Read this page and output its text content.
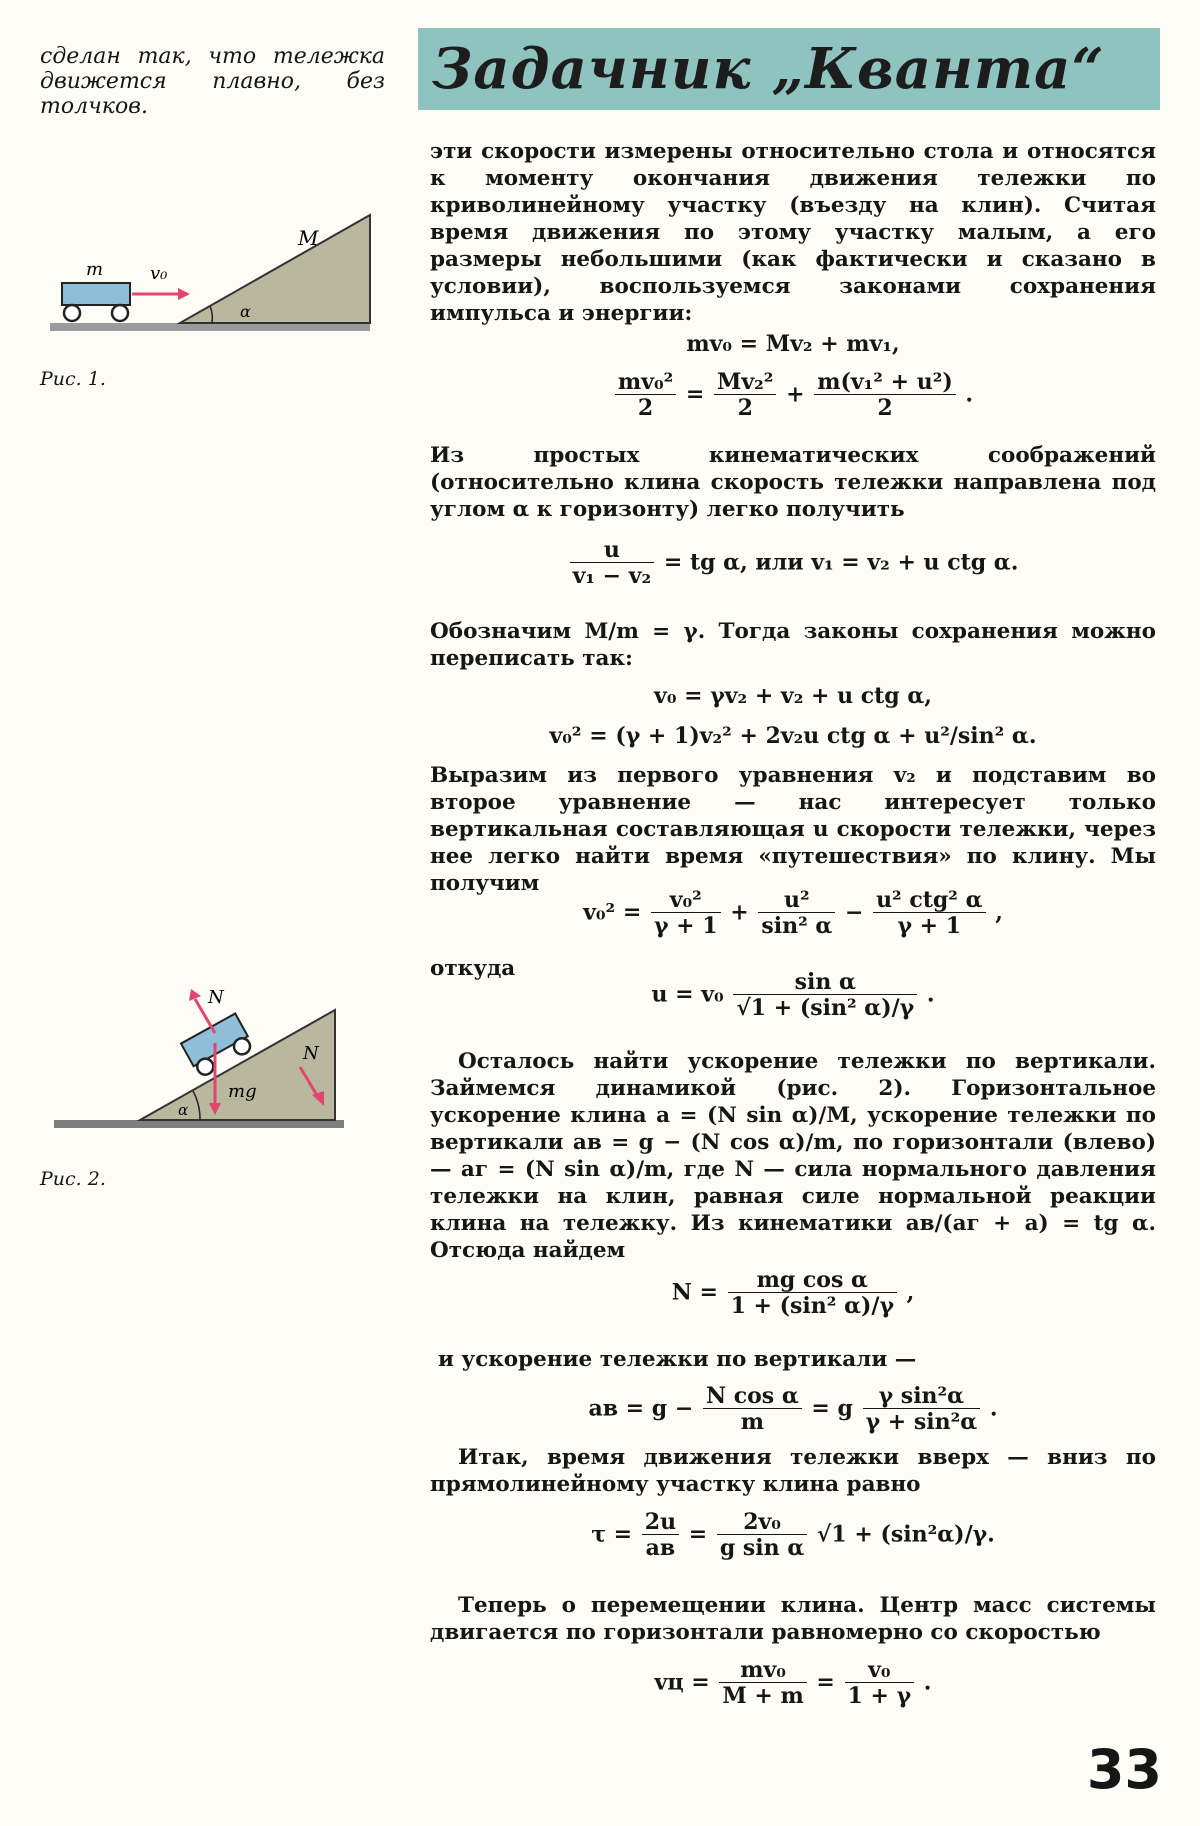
сделан так, что тележка движется плавно, без толчков.
α
M
m	v₀
Рис. 1.
α
N
mg
N
Рис. 2.
Задачник „Кванта“

эти скорости измерены относительно стола и относятся к моменту окончания движения тележки по криволинейному участку (въезду на клин). Считая время движения по этому участку малым, а его размеры небольшими (как фактически и сказано в условии), воспользуемся законами сохранения импульса и энергии:

mv₀ = Mv₂ + mv₁,
$\frac{\text{mv₀²}}{2} = \frac{\text{Mv₂²}}{2} + \frac{\text{m(v₁² + u²)}}{2}$ .

Из простых кинематических соображений (относительно клина скорость тележки направлена под углом α к горизонту) легко получить

$\frac{u}{\text{v₁ − v₂}}$ = tg α, или v₁ = v₂ + u ctg α.

Обозначим M/m = γ. Тогда законы сохранения можно переписать так:

v₀ = γv₂ + v₂ + u ctg α,
v₀² = (γ + 1)v₂² + 2v₂u ctg α + u²/sin² α.

Выразим из первого уравнения v₂ и подставим во второе уравнение — нас интересует только вертикальная составляющая u скорости тележки, через нее легко найти время «путешествия» по клину. Мы получим

$v_0^2 = \frac{\text{v₀²}}{\gamma + 1} + \frac{\text{u²}}{\text{sin² α}} - \frac{\text{u² ctg² α}}{\gamma + 1}$ ,

откуда

$u = v_0 \frac{\text{sin α}}{\text{√1 + (sin² α)/γ}}$ .

Осталось найти ускорение тележки по вертикали. Займемся динамикой (рис. 2). Горизонтальное ускорение клина a = (N sin α)/M, ускорение тележки по вертикали aв = g − (N cos α)/m, по горизонтали (влево) — aг = (N sin α)/m, где N — сила нормального давления тележки на клин, равная силе нормальной реакции клина на тележку. Из кинематики aв/(aг + a) = tg α. Отсюда найдем

$N = \frac{\text{mg cos α}}{\text{1 + (sin² α)/γ}}$ ,

и ускорение тележки по вертикали —

aв = $g - \frac{\text{N cos α}}{m} = g \frac{\text{γ sin²α}}{\text{γ + sin²α}}$ .

Итак, время движения тележки вверх — вниз по прямолинейному участку клина равно

$\tau = \frac{2u}{aв} = \frac{\text{2v₀}}{\text{g sin α}} √1 + (\sin^2\alpha)/\gamma$.

Теперь о перемещении клина. Центр масс системы двигается по горизонтали равномерно со скоростью

vц = $\frac{\text{mv₀}}{M + m} = \frac{\text{v₀}}{1 + \gamma}$ .
33
